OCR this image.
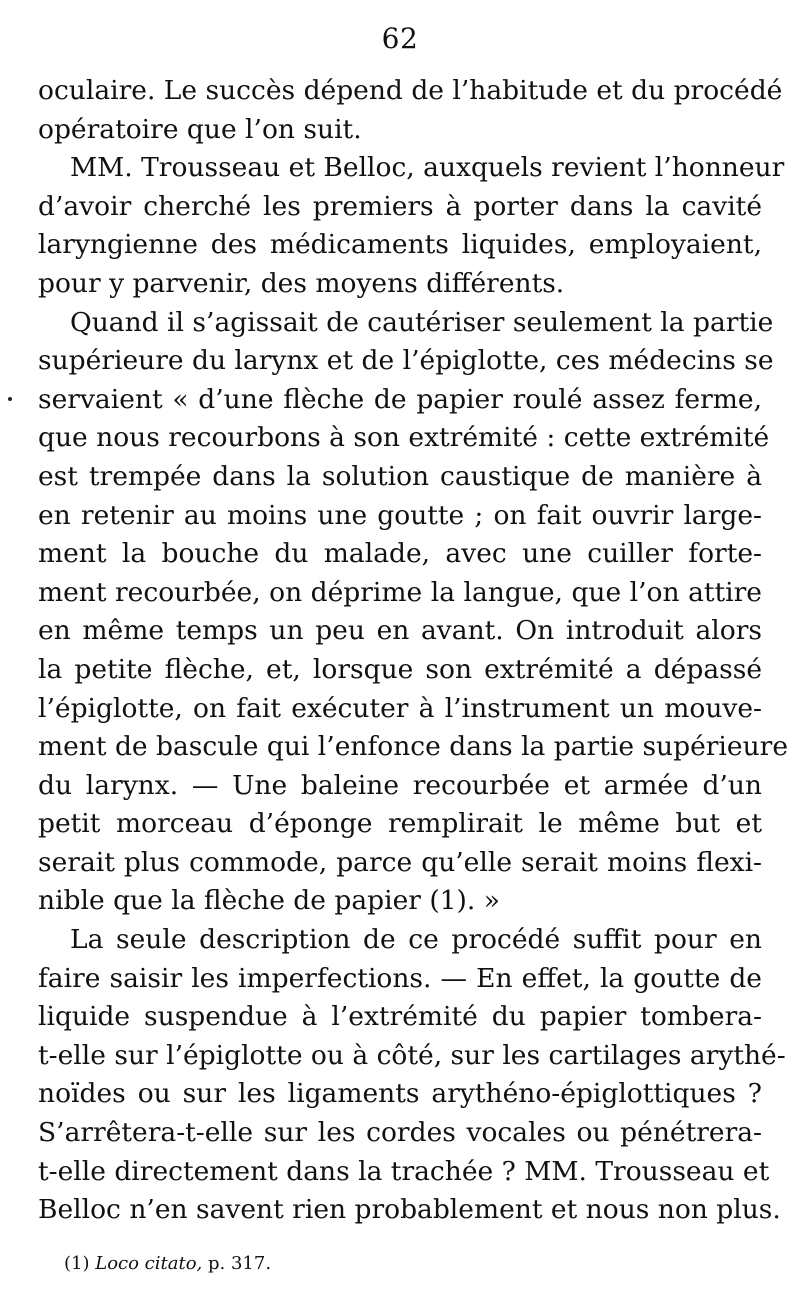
62
oculaire. Le succès dépend de l’habitude et du procédé
opératoire que l’on suit.
MM. Trousseau et Belloc, auxquels revient l’honneur
d’avoir cherché les premiers à porter dans la cavité
laryngienne des médicaments liquides, employaient,
pour y parvenir, des moyens différents.
Quand il s’agissait de cautériser seulement la partie
supérieure du larynx et de l’épiglotte, ces médecins se
servaient « d’une flèche de papier roulé assez ferme,
que nous recourbons à son extrémité : cette extrémité
est trempée dans la solution caustique de manière à
en retenir au moins une goutte ; on fait ouvrir large-
ment la bouche du malade, avec une cuiller forte-
ment recourbée, on déprime la langue, que l’on attire
en même temps un peu en avant. On introduit alors
la petite flèche, et, lorsque son extrémité a dépassé
l’épiglotte, on fait exécuter à l’instrument un mouve-
ment de bascule qui l’enfonce dans la partie supérieure
du larynx. — Une baleine recourbée et armée d’un
petit morceau d’éponge remplirait le même but et
serait plus commode, parce qu’elle serait moins flexi-
nible que la flèche de papier (1). »
La seule description de ce procédé suffit pour en
faire saisir les imperfections. — En effet, la goutte de
liquide suspendue à l’extrémité du papier tombera-
t-elle sur l’épiglotte ou à côté, sur les cartilages arythé-
noïdes ou sur les ligaments arythéno-épiglottiques ?
S’arrêtera-t-elle sur les cordes vocales ou pénétrera-
t-elle directement dans la trachée ? MM. Trousseau et
Belloc n’en savent rien probablement et nous non plus.
(1) Loco citato, p. 317.
